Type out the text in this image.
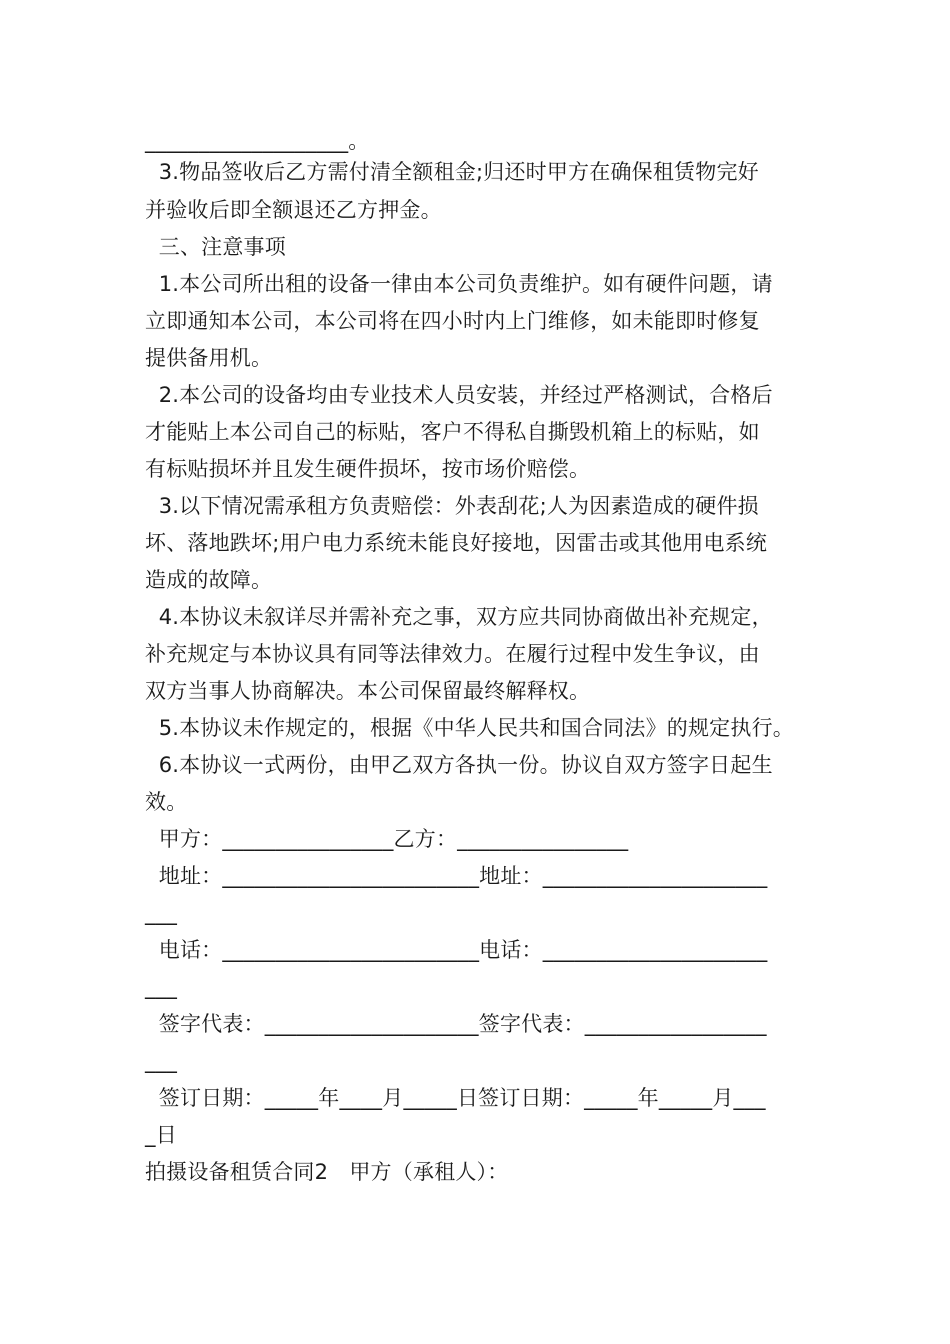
___________________。
3.物品签收后乙方需付清全额租金;归还时甲方在确保租赁物完好
并验收后即全额退还乙方押金。
三、注意事项
1.本公司所出租的设备一律由本公司负责维护。如有硬件问题，请
立即通知本公司，本公司将在四小时内上门维修，如未能即时修复
提供备用机。
2.本公司的设备均由专业技术人员安装，并经过严格测试，合格后
才能贴上本公司自己的标贴，客户不得私自撕毁机箱上的标贴，如
有标贴损坏并且发生硬件损坏，按市场价赔偿。
3.以下情况需承租方负责赔偿：外表刮花;人为因素造成的硬件损
坏、落地跌坏;用户电力系统未能良好接地，因雷击或其他用电系统
造成的故障。
4.本协议未叙详尽并需补充之事，双方应共同协商做出补充规定，
补充规定与本协议具有同等法律效力。在履行过程中发生争议，由
双方当事人协商解决。本公司保留最终解释权。
5.本协议未作规定的，根据《中华人民共和国合同法》的规定执行。
6.本协议一式两份，由甲乙双方各执一份。协议自双方签字日起生
效。
甲方：________________乙方：________________
地址：________________________地址：_____________________
___
电话：________________________电话：_____________________
___
签字代表：____________________签字代表：_________________
___
签订日期：_____年____月_____日签订日期：_____年_____月___
_日
拍摄设备租赁合同2　甲方（承租人）：
